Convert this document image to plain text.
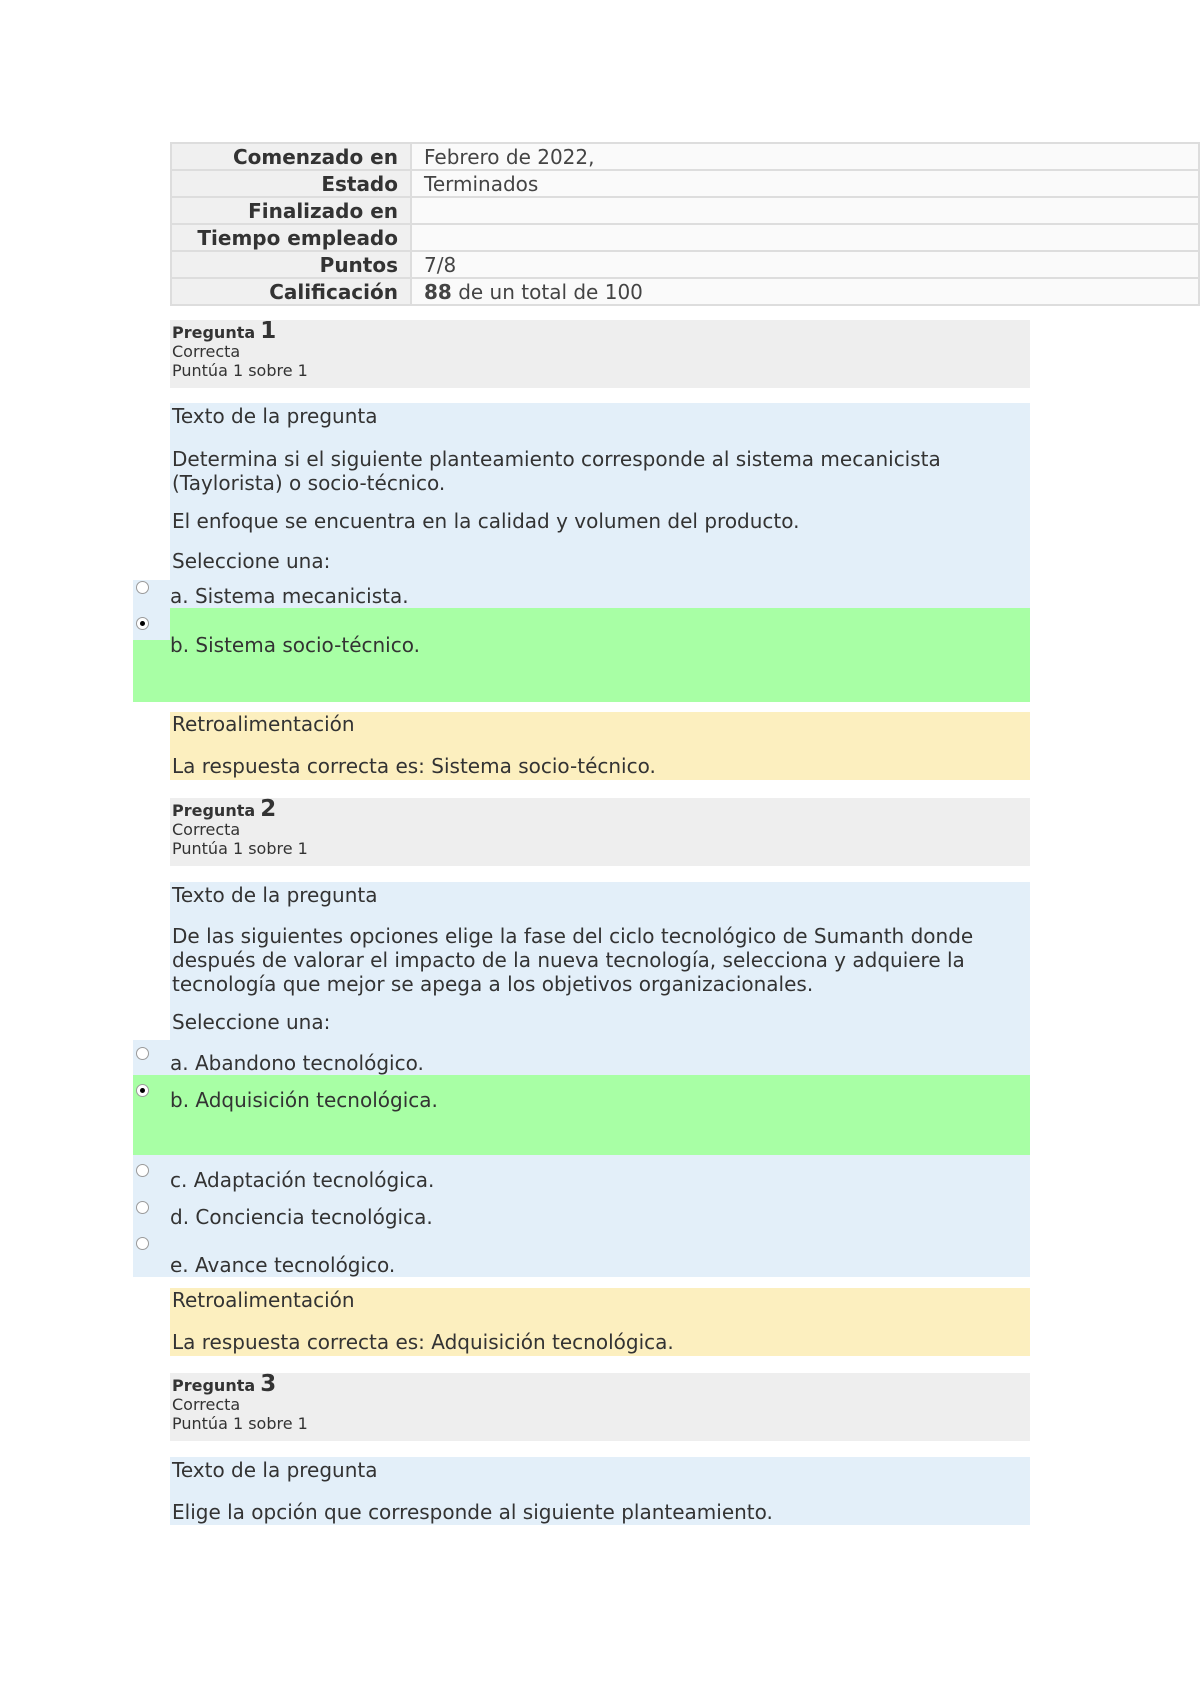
Comenzado en	Febrero de 2022,
Estado	Terminados
Finalizado en	
Tiempo empleado	
Puntos	7/8
Calificación	88 de un total de 100
Pregunta 1
Correcta
Puntúa 1 sobre 1

Texto de la pregunta

Determina si el siguiente planteamiento corresponde al sistema mecanicista (Taylorista) o socio-técnico.

El enfoque se encuentra en la calidad y volumen del producto.

Seleccione una:

a. Sistema mecanicista.
b. Sistema socio-técnico.

Retroalimentación

La respuesta correcta es: Sistema socio-técnico.

Pregunta 2
Correcta
Puntúa 1 sobre 1

Texto de la pregunta

De las siguientes opciones elige la fase del ciclo tecnológico de Sumanth donde después de valorar el impacto de la nueva tecnología, selecciona y adquiere la tecnología que mejor se apega a los objetivos organizacionales.

Seleccione una:

a. Abandono tecnológico.
b. Adquisición tecnológica.
c. Adaptación tecnológica.
d. Conciencia tecnológica.
e. Avance tecnológico.

Retroalimentación

La respuesta correcta es: Adquisición tecnológica.

Pregunta 3
Correcta
Puntúa 1 sobre 1

Texto de la pregunta

Elige la opción que corresponde al siguiente planteamiento.
